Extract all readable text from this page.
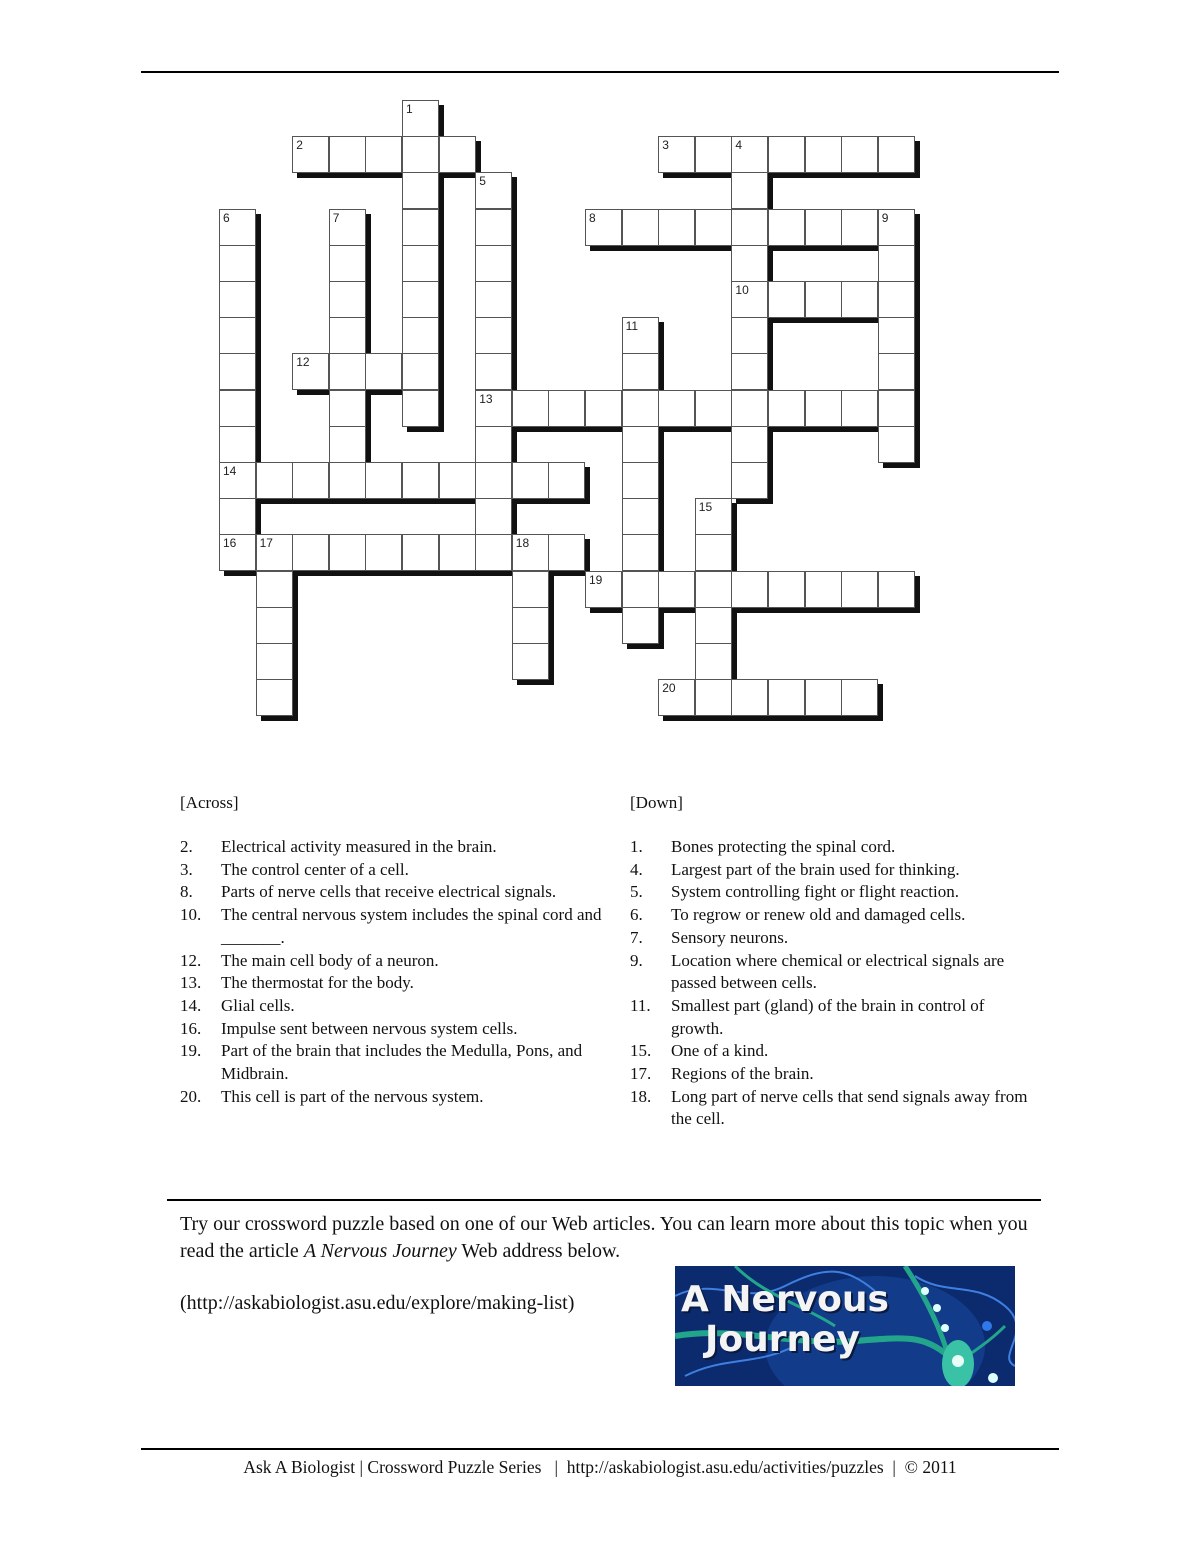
1
2	3	4
10
5
13
6
14
16
7	8	9
11
12
15
17	18
19
20
[Across]
2.	Electrical activity measured in the brain.
3.	The control center of a cell.
8.	Parts of nerve cells that receive electrical signals.
10.	The central nervous system includes the spinal cord and _______.
12.	The main cell body of a neuron.
13.	The thermostat for the body.
14.	Glial cells.
16.	Impulse sent between nervous system cells.
19.	Part of the brain that includes the Medulla, Pons, and Midbrain.
20.	This cell is part of the nervous system.
[Down]
1.	Bones protecting the spinal cord.
4.	Largest part of the brain used for thinking.
5.	System controlling fight or flight reaction.
6.	To regrow or renew old and damaged cells.
7.	Sensory neurons.
9.	Location where chemical or electrical signals are passed between cells.
11.	Smallest part (gland) of the brain in control of growth.
15.	One of a kind.
17.	Regions of the brain.
18.	Long part of nerve cells that send signals away from the cell.
Try our crossword puzzle based on one of our Web articles. You can learn more about this topic when you read the article A Nervous Journey Web address below.
(http://askabiologist.asu.edu/explore/making-list)	A Nervous
Journey
Ask A Biologist | Crossword Puzzle Series   |  http://askabiologist.asu.edu/activities/puzzles  |  © 2011
